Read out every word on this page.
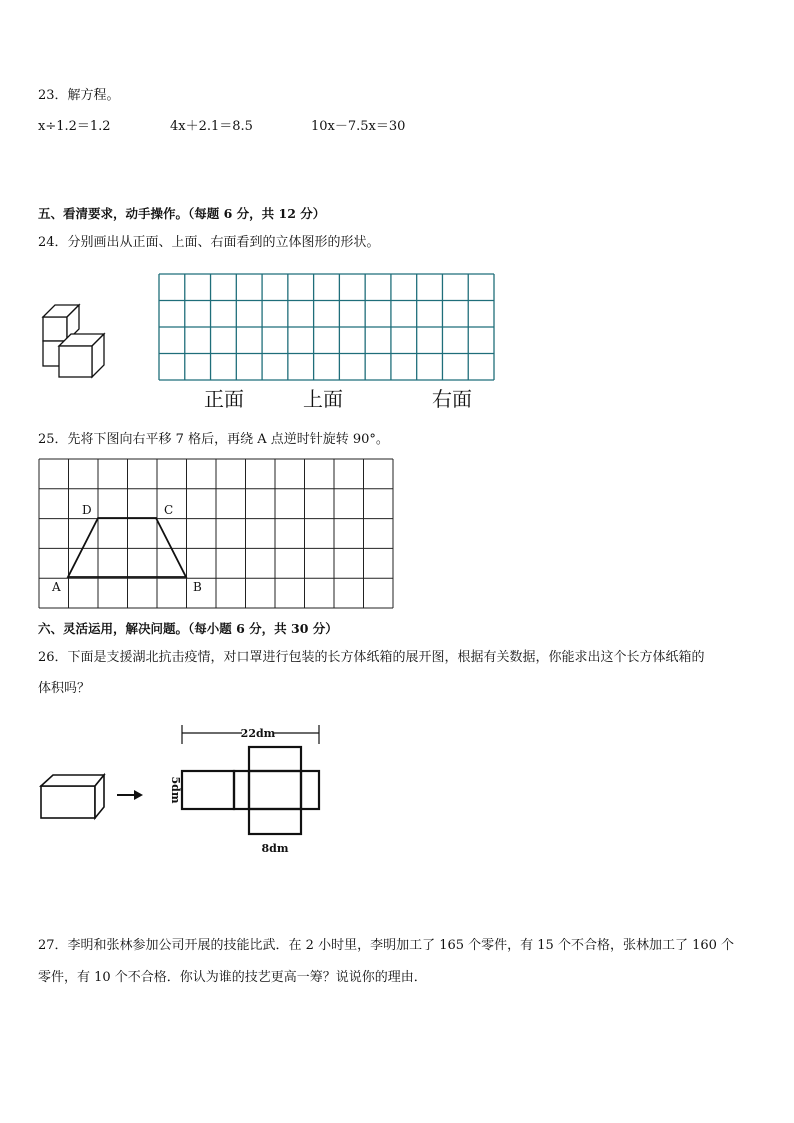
23．解方程。
x÷1.2＝1.2	4x＋2.1＝8.5	10x－7.5x＝30
五、看清要求，动手操作。（每题 6 分，共 12 分）
24．分别画出从正面、上面、右面看到的立体图形的形状。
正面	上面	右面
25．先将下图向右平移 7 格后，再绕 A 点逆时针旋转 90°。
A	B
C
D
六、灵活运用，解决问题。（每小题 6 分，共 30 分）
26．下面是支援湖北抗击疫情，对口罩进行包装的长方体纸箱的展开图，根据有关数据，你能求出这个长方体纸箱的
体积吗？
22dm
5dm
8dm
27．李明和张林参加公司开展的技能比武．在 2 小时里，李明加工了 165 个零件，有 15 个不合格，张林加工了 160 个
零件，有 10 个不合格．你认为谁的技艺更高一筹？说说你的理由．
